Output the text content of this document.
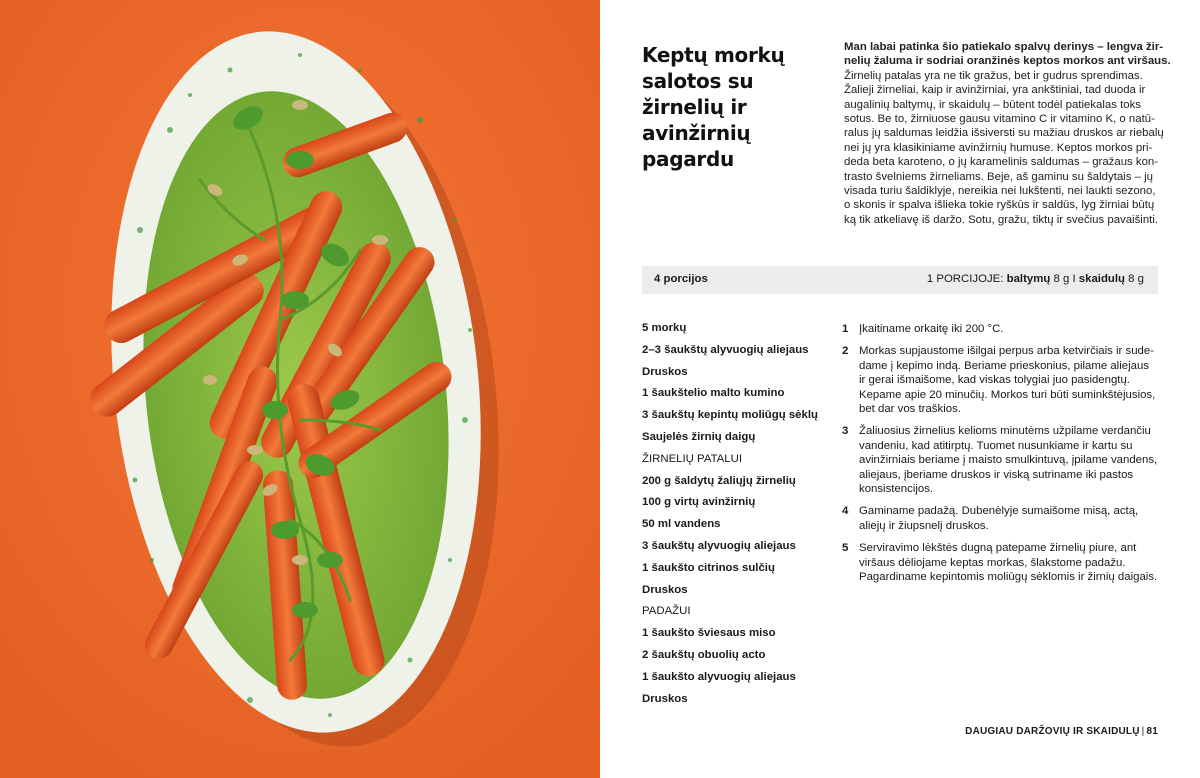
Keptų morkų
salotos su
žirnelių ir
avinžirnių
pagardu
Man labai patinka šio patiekalo spalvų derinys – lengva žir-
nelių žaluma ir sodriai oranžinės keptos morkos ant viršaus.
Žirnelių patalas yra ne tik gražus, bet ir gudrus sprendimas.
Žalieji žirneliai, kaip ir avinžirniai, yra ankštiniai, tad duoda ir
augalinių baltymų, ir skaidulų – būtent todėl patiekalas toks
sotus. Be to, žirniuose gausu vitamino C ir vitamino K, o natū-
ralus jų saldumas leidžia išsiversti su mažiau druskos ar riebalų
nei jų yra klasikiniame avinžirnių humuse. Keptos morkos pri-
deda beta karoteno, o jų karamelinis saldumas – gražaus kon-
trasto švelniems žirneliams. Beje, aš gaminu su šaldytais – jų
visada turiu šaldiklyje, nereikia nei lukštenti, nei laukti sezono,
o skonis ir spalva išlieka tokie ryškūs ir saldūs, lyg žirniai būtų
ką tik atkeliavę iš daržo. Sotu, gražu, tiktų ir svečius pavaišinti.
4 porcijos	1 PORCIJOJE: baltymų 8 g I skaidulų 8 g
5 morkų
2–3 šaukštų alyvuogių aliejaus
Druskos
1 šaukštelio malto kumino
3 šaukštų kepintų moliūgų sėklų
Saujelės žirnių daigų
ŽIRNELIŲ PATALUI
200 g šaldytų žaliųjų žirnelių
100 g virtų avinžirnių
50 ml vandens
3 šaukštų alyvuogių aliejaus
1 šaukšto citrinos sulčių
Druskos
PADAŽUI
1 šaukšto šviesaus miso
2 šaukštų obuolių acto
1 šaukšto alyvuogių aliejaus
Druskos
1 Įkaitiname orkaitę iki 200 °C.
2 Morkas supjaustome išilgai perpus arba ketvirčiais ir sude-
dame į kepimo indą. Beriame prieskonius, pilame aliejaus
ir gerai išmaišome, kad viskas tolygiai juo pasidengtų.
Kepame apie 20 minučių. Morkos turi būti suminkštėjusios,
bet dar vos traškios.
3 Žaliuosius žirnelius kelioms minutėms užpilame verdančiu
vandeniu, kad atitirptų. Tuomet nusunkiame ir kartu su
avinžirniais beriame į maisto smulkintuvą, įpilame vandens,
aliejaus, įberiame druskos ir viską sutriname iki pastos
konsistencijos.
4 Gaminame padažą. Dubenėlyje sumaišome misą, actą,
aliejų ir žiupsnelį druskos.
5 Serviravimo lėkštės dugną patepame žirnelių piure, ant
viršaus dėliojame keptas morkas, šlakstome padažu.
Pagardiname kepintomis moliūgų sėklomis ir žirnių daigais.
DAUGIAU DARŽOVIŲ IR SKAIDULŲ | 81
